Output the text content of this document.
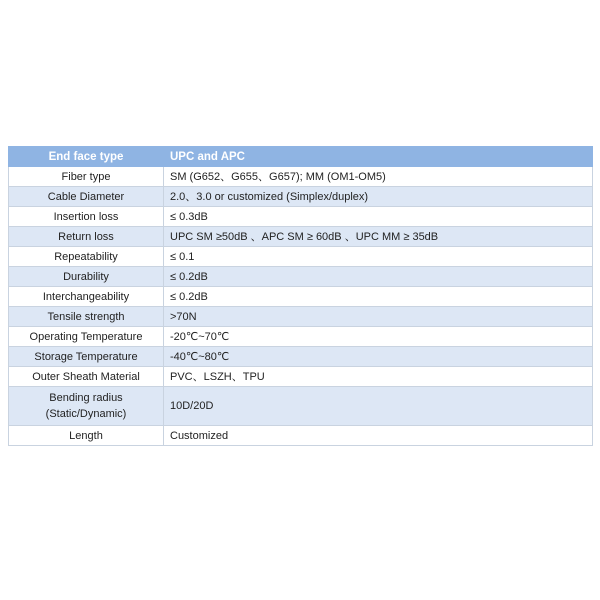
End face type	UPC and APC
Fiber type	SM (G652、G655、G657); MM (OM1-OM5)
Cable Diameter	2.0、3.0 or customized (Simplex/duplex)
Insertion loss	≤ 0.3dB
Return loss	UPC SM ≥50dB 、APC SM ≥ 60dB 、UPC MM ≥ 35dB
Repeatability	≤ 0.1
Durability	≤ 0.2dB
Interchangeability	≤ 0.2dB
Tensile strength	>70N
Operating Temperature	-20℃~70℃
Storage Temperature	-40℃~80℃
Outer Sheath Material	PVC、LSZH、TPU
Bending radius (Static/Dynamic)	10D/20D
Length	Customized
